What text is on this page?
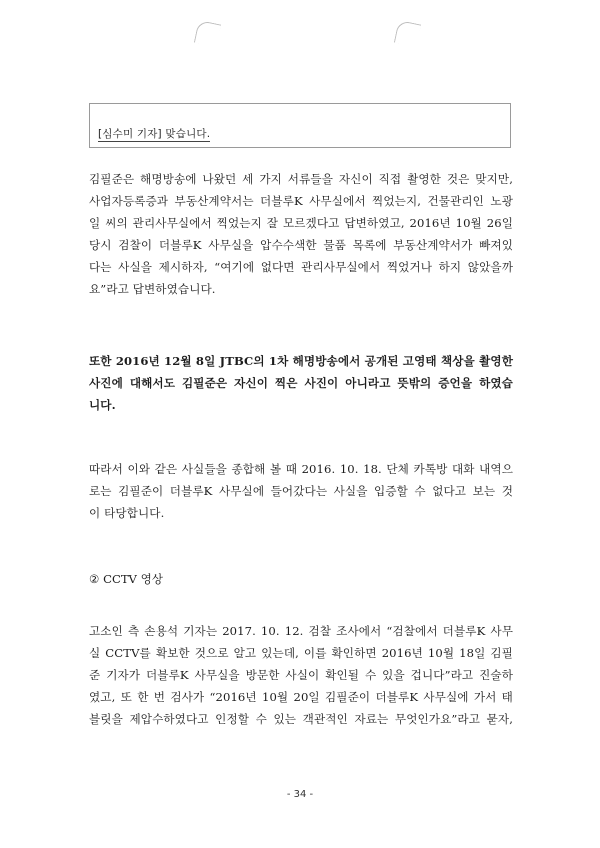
[심수미 기자] 맞습니다.
김필준은 해명방송에 나왔던 세 가지 서류들을 자신이 직접 촬영한 것은 맞지만,
사업자등록증과 부동산계약서는 더블루K 사무실에서 찍었는지, 건물관리인 노광
일 씨의 관리사무실에서 찍었는지 잘 모르겠다고 답변하였고, 2016년 10월 26일
당시 검찰이 더블루K 사무실을 압수수색한 물품 목록에 부동산계약서가 빠져있
다는 사실을 제시하자, “여기에 없다면 관리사무실에서 찍었거나 하지 않았을까
요”라고 답변하였습니다.
또한 2016년 12월 8일 JTBC의 1차 해명방송에서 공개된 고영태 책상을 촬영한
사진에 대해서도 김필준은 자신이 찍은 사진이 아니라고 뜻밖의 증언을 하였습
니다.
따라서 이와 같은 사실들을 종합해 볼 때 2016. 10. 18. 단체 카톡방 대화 내역으
로는 김필준이 더블루K 사무실에 들어갔다는 사실을 입증할 수 없다고 보는 것
이 타당합니다.
② CCTV 영상
고소인 측 손용석 기자는 2017. 10. 12. 검찰 조사에서 “검찰에서 더블루K 사무
실 CCTV를 확보한 것으로 알고 있는데, 이를 확인하면 2016년 10월 18일 김필
준 기자가 더블루K 사무실을 방문한 사실이 확인될 수 있을 겁니다”라고 진술하
였고, 또 한 번 검사가 “2016년 10월 20일 김필준이 더블루K 사무실에 가서 태
블릿을 제압수하였다고 인정할 수 있는 객관적인 자료는 무엇인가요”라고 묻자,
- 34 -
